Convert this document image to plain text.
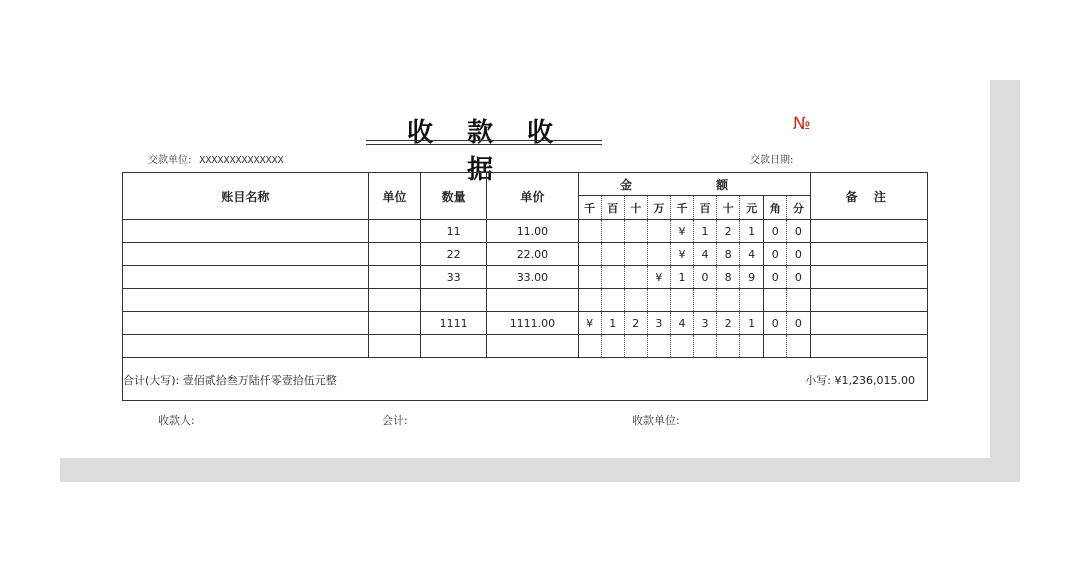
收款收据
№
交款单位: XXXXXXXXXXXXXX	交款日期:
账目名称	单位	数量	单价	金 额										备 注
				千	百	十	万	千	百	十	元	角	分	
		11	11.00					¥	1	2	1	0	0	
		22	22.00					¥	4	8	4	0	0	
		33	33.00				¥	1	0	8	9	0	0	

		1111	1111.00	¥	1	2	3	4	3	2	1	0	0	

合计(大写): 壹佰贰拾叁万陆仟零壹拾伍元整 小写: ¥1,236,015.00														
收款人:	会计:	收款单位:
